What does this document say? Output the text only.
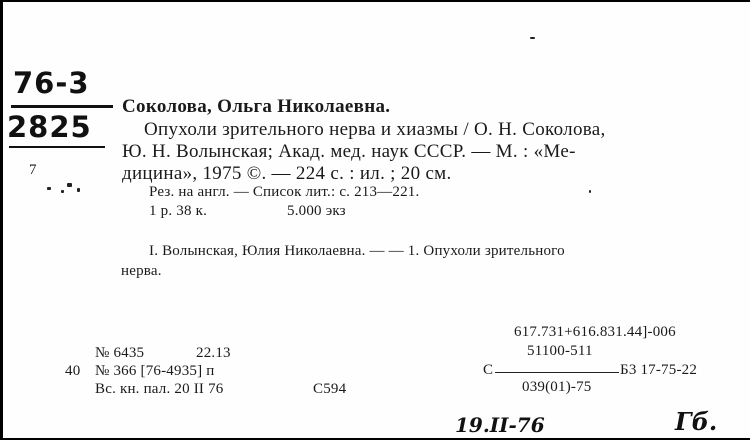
76-3
2825
7
Соколова, Ольга Николаевна.
Опухоли зрительного нерва и хиазмы / О. Н. Соколова,
Ю. Н. Волынская; Акад. мед. наук СССР. — М. : «Ме-
дицина», 1975 ©. — 224 с. : ил. ; 20 см.
Рез. на англ. — Список лит.: с. 213—221.
1 р. 38 к.	5.000 экз
I. Волынская, Юлия Николаевна. — — 1. Опухоли зрительного
нерва.
617.731+616.831.44]-006
51100-511
C	Б3 17-75-22
039(01)-75
40
№ 6435	22.13
№ 366 [76-4935] п
Вс. кн. пал. 20 II 76	C594
19.II-76	Гб.
